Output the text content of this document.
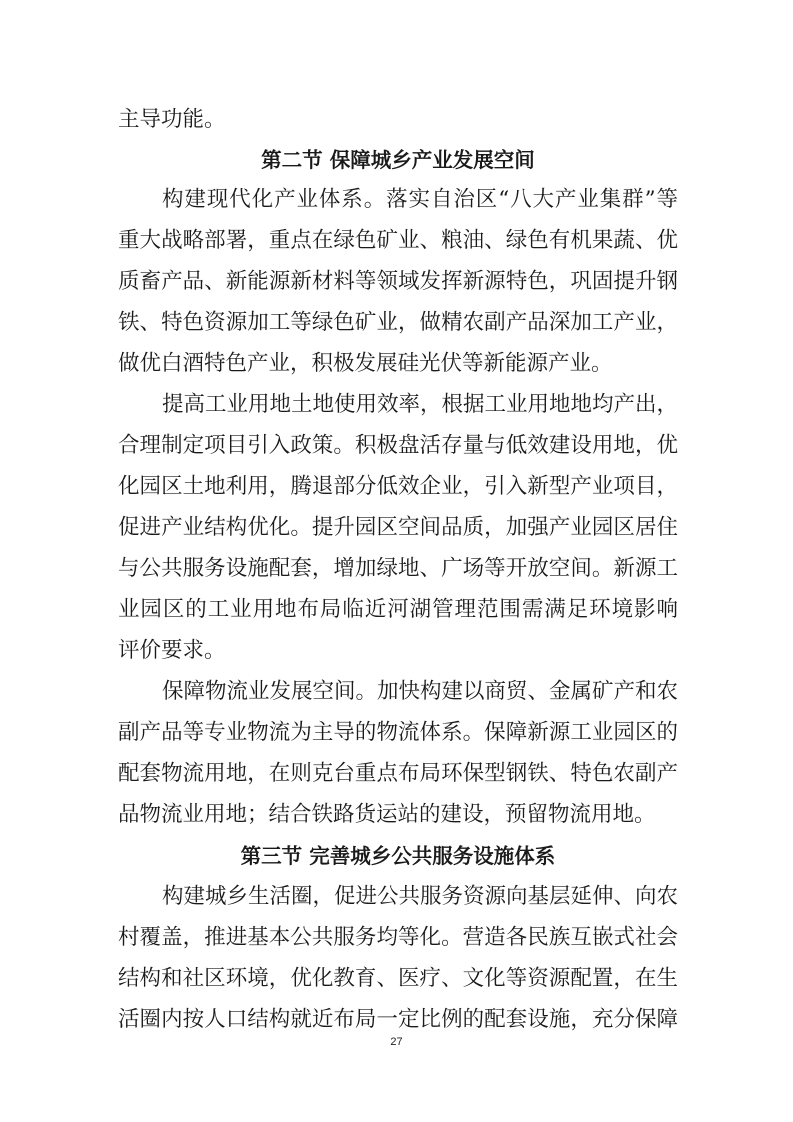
主导功能。
第二节 保障城乡产业发展空间
构建现代化产业体系。落实自治区“八大产业集群”等
重大战略部署，重点在绿色矿业、粮油、绿色有机果蔬、优
质畜产品、新能源新材料等领域发挥新源特色，巩固提升钢
铁、特色资源加工等绿色矿业，做精农副产品深加工产业，
做优白酒特色产业，积极发展硅光伏等新能源产业。
提高工业用地土地使用效率，根据工业用地地均产出，
合理制定项目引入政策。积极盘活存量与低效建设用地，优
化园区土地利用，腾退部分低效企业，引入新型产业项目，
促进产业结构优化。提升园区空间品质，加强产业园区居住
与公共服务设施配套，增加绿地、广场等开放空间。新源工
业园区的工业用地布局临近河湖管理范围需满足环境影响
评价要求。
保障物流业发展空间。加快构建以商贸、金属矿产和农
副产品等专业物流为主导的物流体系。保障新源工业园区的
配套物流用地，在则克台重点布局环保型钢铁、特色农副产
品物流业用地；结合铁路货运站的建设，预留物流用地。
第三节 完善城乡公共服务设施体系
构建城乡生活圈，促进公共服务资源向基层延伸、向农
村覆盖，推进基本公共服务均等化。营造各民族互嵌式社会
结构和社区环境，优化教育、医疗、文化等资源配置，在生
活圈内按人口结构就近布局一定比例的配套设施，充分保障
27
